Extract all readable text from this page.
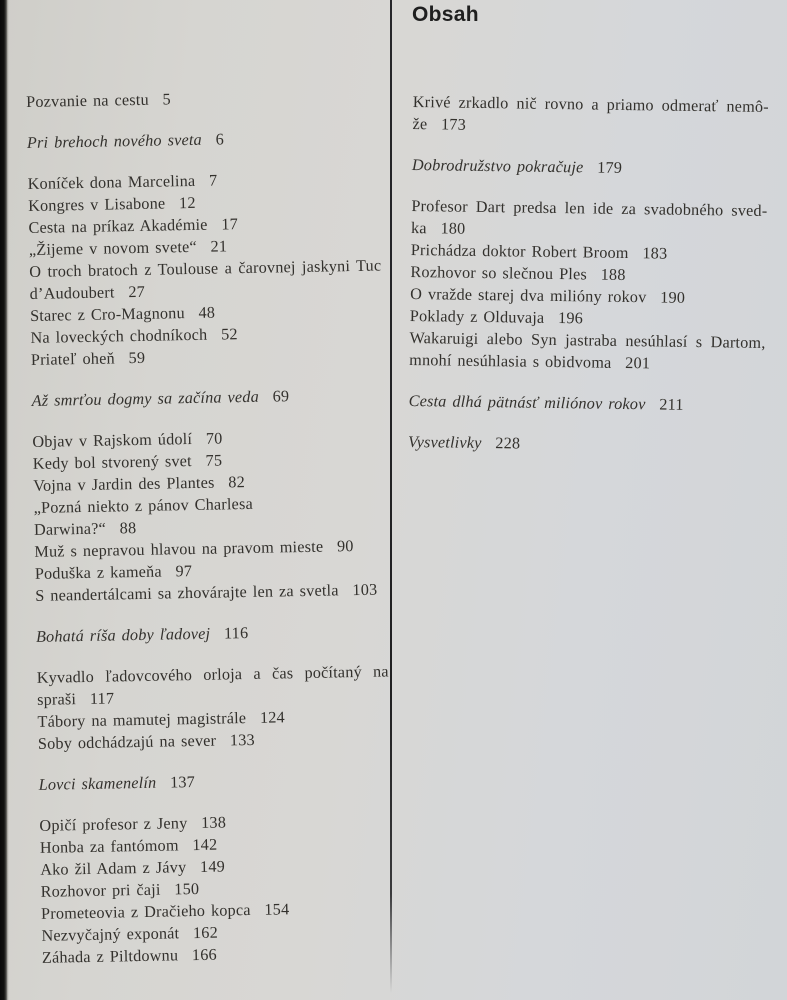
Obsah
Pozvanie na cestu 5
Pri brehoch nového sveta 6
Koníček dona Marcelina 7
Kongres v Lisabone 12
Cesta na príkaz Akadémie 17
„Žijeme v novom svete“ 21
O troch bratoch z Toulouse a čarovnej jaskyni Tuc
d’Audoubert 27
Starec z Cro-Magnonu 48
Na loveckých chodníkoch 52
Priateľ oheň 59
Až smrťou dogmy sa začína veda 69
Objav v Rajskom údolí 70
Kedy bol stvorený svet 75
Vojna v Jardin des Plantes 82
„Pozná niekto z pánov Charlesa
Darwina?“ 88
Muž s nepravou hlavou na pravom mieste 90
Poduška z kameňa 97
S neandertálcami sa zhovárajte len za svetla 103
Bohatá ríša doby ľadovej 116
Kyvadlo ľadovcového orloja a čas počítaný na
spraši 117
Tábory na mamutej magistrále 124
Soby odchádzajú na sever 133
Lovci skamenelín 137
Opičí profesor z Jeny 138
Honba za fantómom 142
Ako žil Adam z Jávy 149
Rozhovor pri čaji 150
Prometeovia z Dračieho kopca 154
Nezvyčajný exponát 162
Záhada z Piltdownu 166
Krivé zrkadlo nič rovno a priamo odmerať nemô-
že 173
Dobrodružstvo pokračuje 179
Profesor Dart predsa len ide za svadobného sved-
ka 180
Prichádza doktor Robert Broom 183
Rozhovor so slečnou Ples 188
O vražde starej dva milióny rokov 190
Poklady z Olduvaja 196
Wakaruigi alebo Syn jastraba nesúhlasí s Dartom,
mnohí nesúhlasia s obidvoma 201
Cesta dlhá pätnásť miliónov rokov 211
Vysvetlivky 228
